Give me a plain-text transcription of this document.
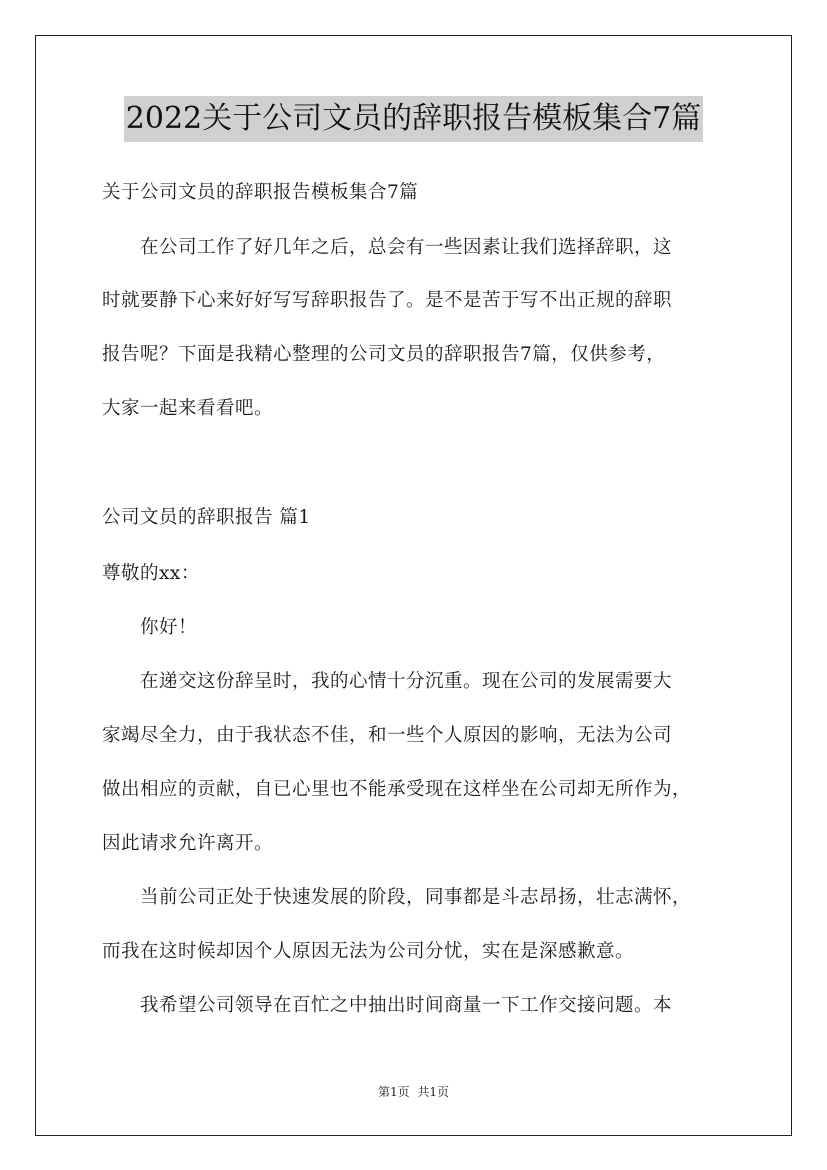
2022关于公司文员的辞职报告模板集合7篇
关于公司文员的辞职报告模板集合7篇
　　在公司工作了好几年之后，总会有一些因素让我们选择辞职，这
时就要静下心来好好写写辞职报告了。是不是苦于写不出正规的辞职
报告呢？下面是我精心整理的公司文员的辞职报告7篇，仅供参考，
大家一起来看看吧。
公司文员的辞职报告 篇1
尊敬的xx：
　　你好！
　　在递交这份辞呈时，我的心情十分沉重。现在公司的发展需要大
家竭尽全力，由于我状态不佳，和一些个人原因的影响，无法为公司
做出相应的贡献，自已心里也不能承受现在这样坐在公司却无所作为，
因此请求允许离开。
　　当前公司正处于快速发展的阶段，同事都是斗志昂扬，壮志满怀，
而我在这时候却因个人原因无法为公司分忧，实在是深感歉意。
　　我希望公司领导在百忙之中抽出时间商量一下工作交接问题。本
第1页 共1页
